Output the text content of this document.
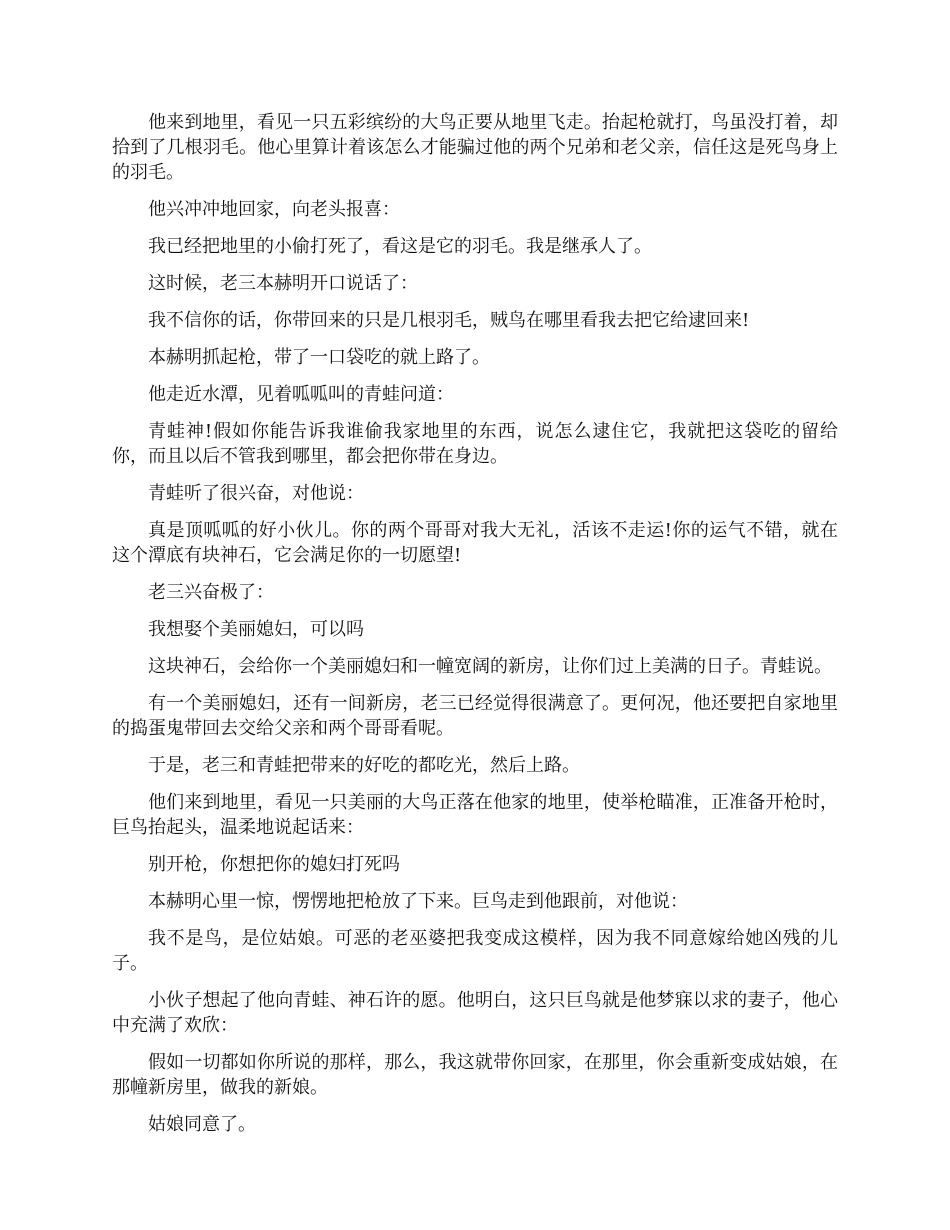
他来到地里，看见一只五彩缤纷的大鸟正要从地里飞走。抬起枪就打，鸟虽没打着，却拾到了几根羽毛。他心里算计着该怎么才能骗过他的两个兄弟和老父亲，信任这是死鸟身上的羽毛。

他兴冲冲地回家，向老头报喜：

我已经把地里的小偷打死了，看这是它的羽毛。我是继承人了。

这时候，老三本赫明开口说话了：

我不信你的话，你带回来的只是几根羽毛，贼鸟在哪里看我去把它给逮回来!

本赫明抓起枪，带了一口袋吃的就上路了。

他走近水潭，见着呱呱叫的青蛙问道：

青蛙神!假如你能告诉我谁偷我家地里的东西，说怎么逮住它，我就把这袋吃的留给你，而且以后不管我到哪里，都会把你带在身边。

青蛙听了很兴奋，对他说：

真是顶呱呱的好小伙儿。你的两个哥哥对我大无礼，活该不走运!你的运气不错，就在这个潭底有块神石，它会满足你的一切愿望!

老三兴奋极了：

我想娶个美丽媳妇，可以吗

这块神石，会给你一个美丽媳妇和一幢宽阔的新房，让你们过上美满的日子。青蛙说。

有一个美丽媳妇，还有一间新房，老三已经觉得很满意了。更何况，他还要把自家地里的捣蛋鬼带回去交给父亲和两个哥哥看呢。

于是，老三和青蛙把带来的好吃的都吃光，然后上路。

他们来到地里，看见一只美丽的大鸟正落在他家的地里，使举枪瞄准，正准备开枪时，巨鸟抬起头，温柔地说起话来：

别开枪，你想把你的媳妇打死吗

本赫明心里一惊，愣愣地把枪放了下来。巨鸟走到他跟前，对他说：

我不是鸟，是位姑娘。可恶的老巫婆把我变成这模样，因为我不同意嫁给她凶残的儿子。

小伙子想起了他向青蛙、神石许的愿。他明白，这只巨鸟就是他梦寐以求的妻子，他心中充满了欢欣：

假如一切都如你所说的那样，那么，我这就带你回家，在那里，你会重新变成姑娘，在那幢新房里，做我的新娘。

姑娘同意了。
